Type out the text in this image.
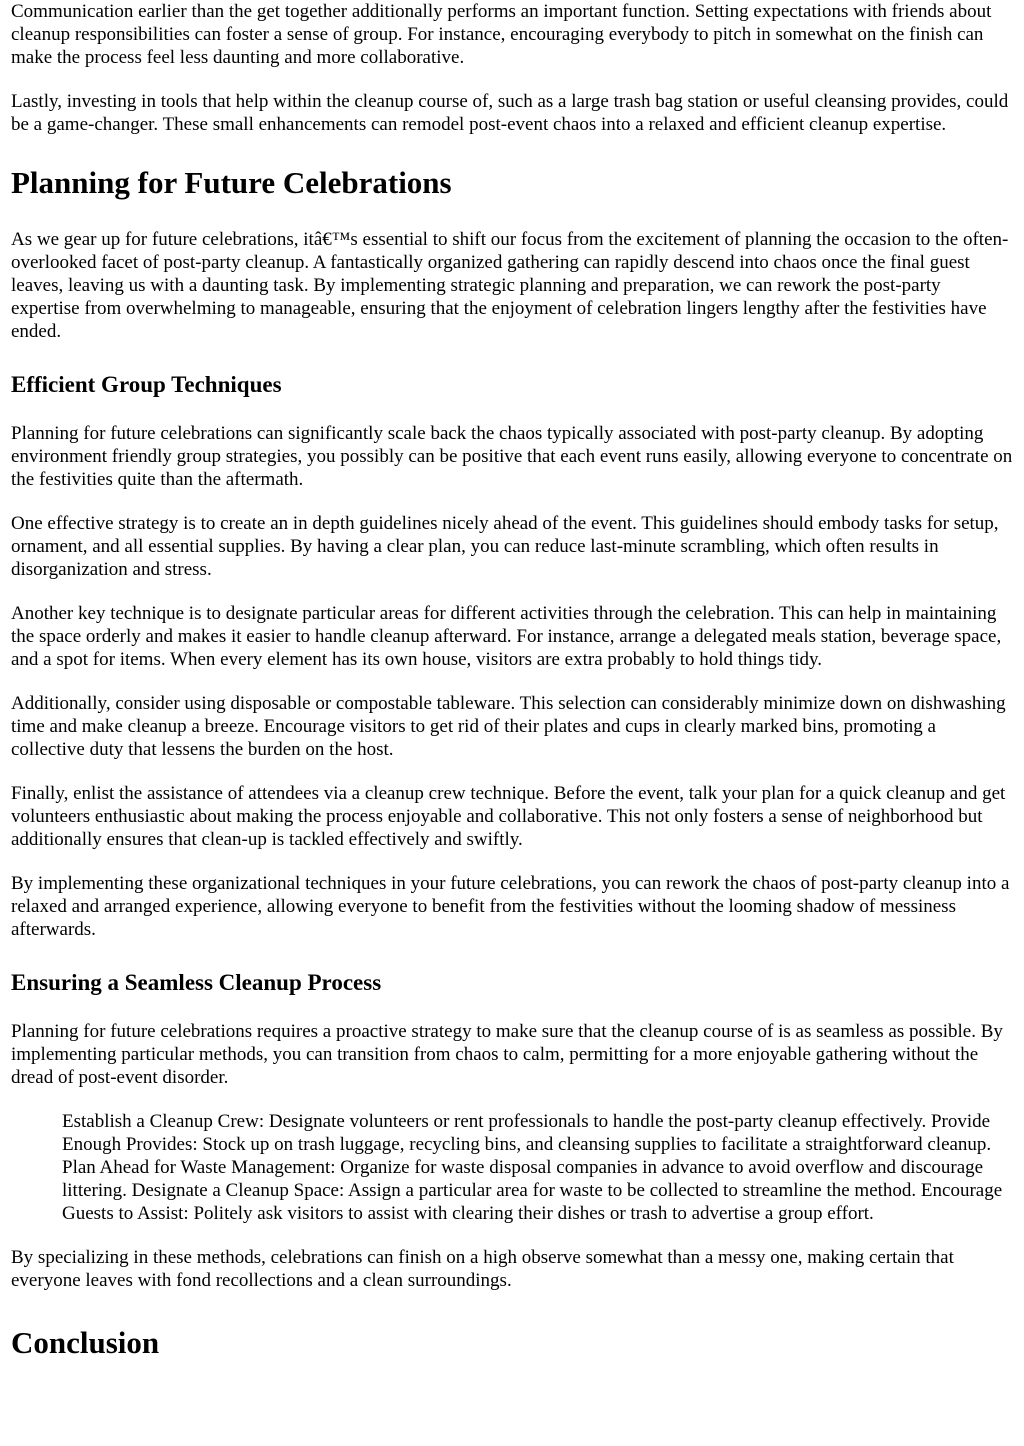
Communication earlier than the get together additionally performs an important function. Setting expectations with friends about cleanup responsibilities can foster a sense of group. For instance, encouraging everybody to pitch in somewhat on the finish can make the process feel less daunting and more collaborative.

Lastly, investing in tools that help within the cleanup course of, such as a large trash bag station or useful cleansing provides, could be a game-changer. These small enhancements can remodel post-event chaos into a relaxed and efficient cleanup expertise.

Planning for Future Celebrations

As we gear up for future celebrations, itâ€™s essential to shift our focus from the excitement of planning the occasion to the often-overlooked facet of post-party cleanup. A fantastically organized gathering can rapidly descend into chaos once the final guest leaves, leaving us with a daunting task. By implementing strategic planning and preparation, we can rework the post-party expertise from overwhelming to manageable, ensuring that the enjoyment of celebration lingers lengthy after the festivities have ended.

Efficient Group Techniques

Planning for future celebrations can significantly scale back the chaos typically associated with post-party cleanup. By adopting environment friendly group strategies, you possibly can be positive that each event runs easily, allowing everyone to concentrate on the festivities quite than the aftermath.

One effective strategy is to create an in depth guidelines nicely ahead of the event. This guidelines should embody tasks for setup, ornament, and all essential supplies. By having a clear plan, you can reduce last-minute scrambling, which often results in disorganization and stress.

Another key technique is to designate particular areas for different activities through the celebration. This can help in maintaining the space orderly and makes it easier to handle cleanup afterward. For instance, arrange a delegated meals station, beverage space, and a spot for items. When every element has its own house, visitors are extra probably to hold things tidy.

Additionally, consider using disposable or compostable tableware. This selection can considerably minimize down on dishwashing time and make cleanup a breeze. Encourage visitors to get rid of their plates and cups in clearly marked bins, promoting a collective duty that lessens the burden on the host.

Finally, enlist the assistance of attendees via a cleanup crew technique. Before the event, talk your plan for a quick cleanup and get volunteers enthusiastic about making the process enjoyable and collaborative. This not only fosters a sense of neighborhood but additionally ensures that clean-up is tackled effectively and swiftly.

By implementing these organizational techniques in your future celebrations, you can rework the chaos of post-party cleanup into a relaxed and arranged experience, allowing everyone to benefit from the festivities without the looming shadow of messiness afterwards.

Ensuring a Seamless Cleanup Process

Planning for future celebrations requires a proactive strategy to make sure that the cleanup course of is as seamless as possible. By implementing particular methods, you can transition from chaos to calm, permitting for a more enjoyable gathering without the dread of post-event disorder.

Establish a Cleanup Crew: Designate volunteers or rent professionals to handle the post-party cleanup effectively. Provide Enough Provides: Stock up on trash luggage, recycling bins, and cleansing supplies to facilitate a straightforward cleanup. Plan Ahead for Waste Management: Organize for waste disposal companies in advance to avoid overflow and discourage littering. Designate a Cleanup Space: Assign a particular area for waste to be collected to streamline the method. Encourage Guests to Assist: Politely ask visitors to assist with clearing their dishes or trash to advertise a group effort.

By specializing in these methods, celebrations can finish on a high observe somewhat than a messy one, making certain that everyone leaves with fond recollections and a clean surroundings.

Conclusion
